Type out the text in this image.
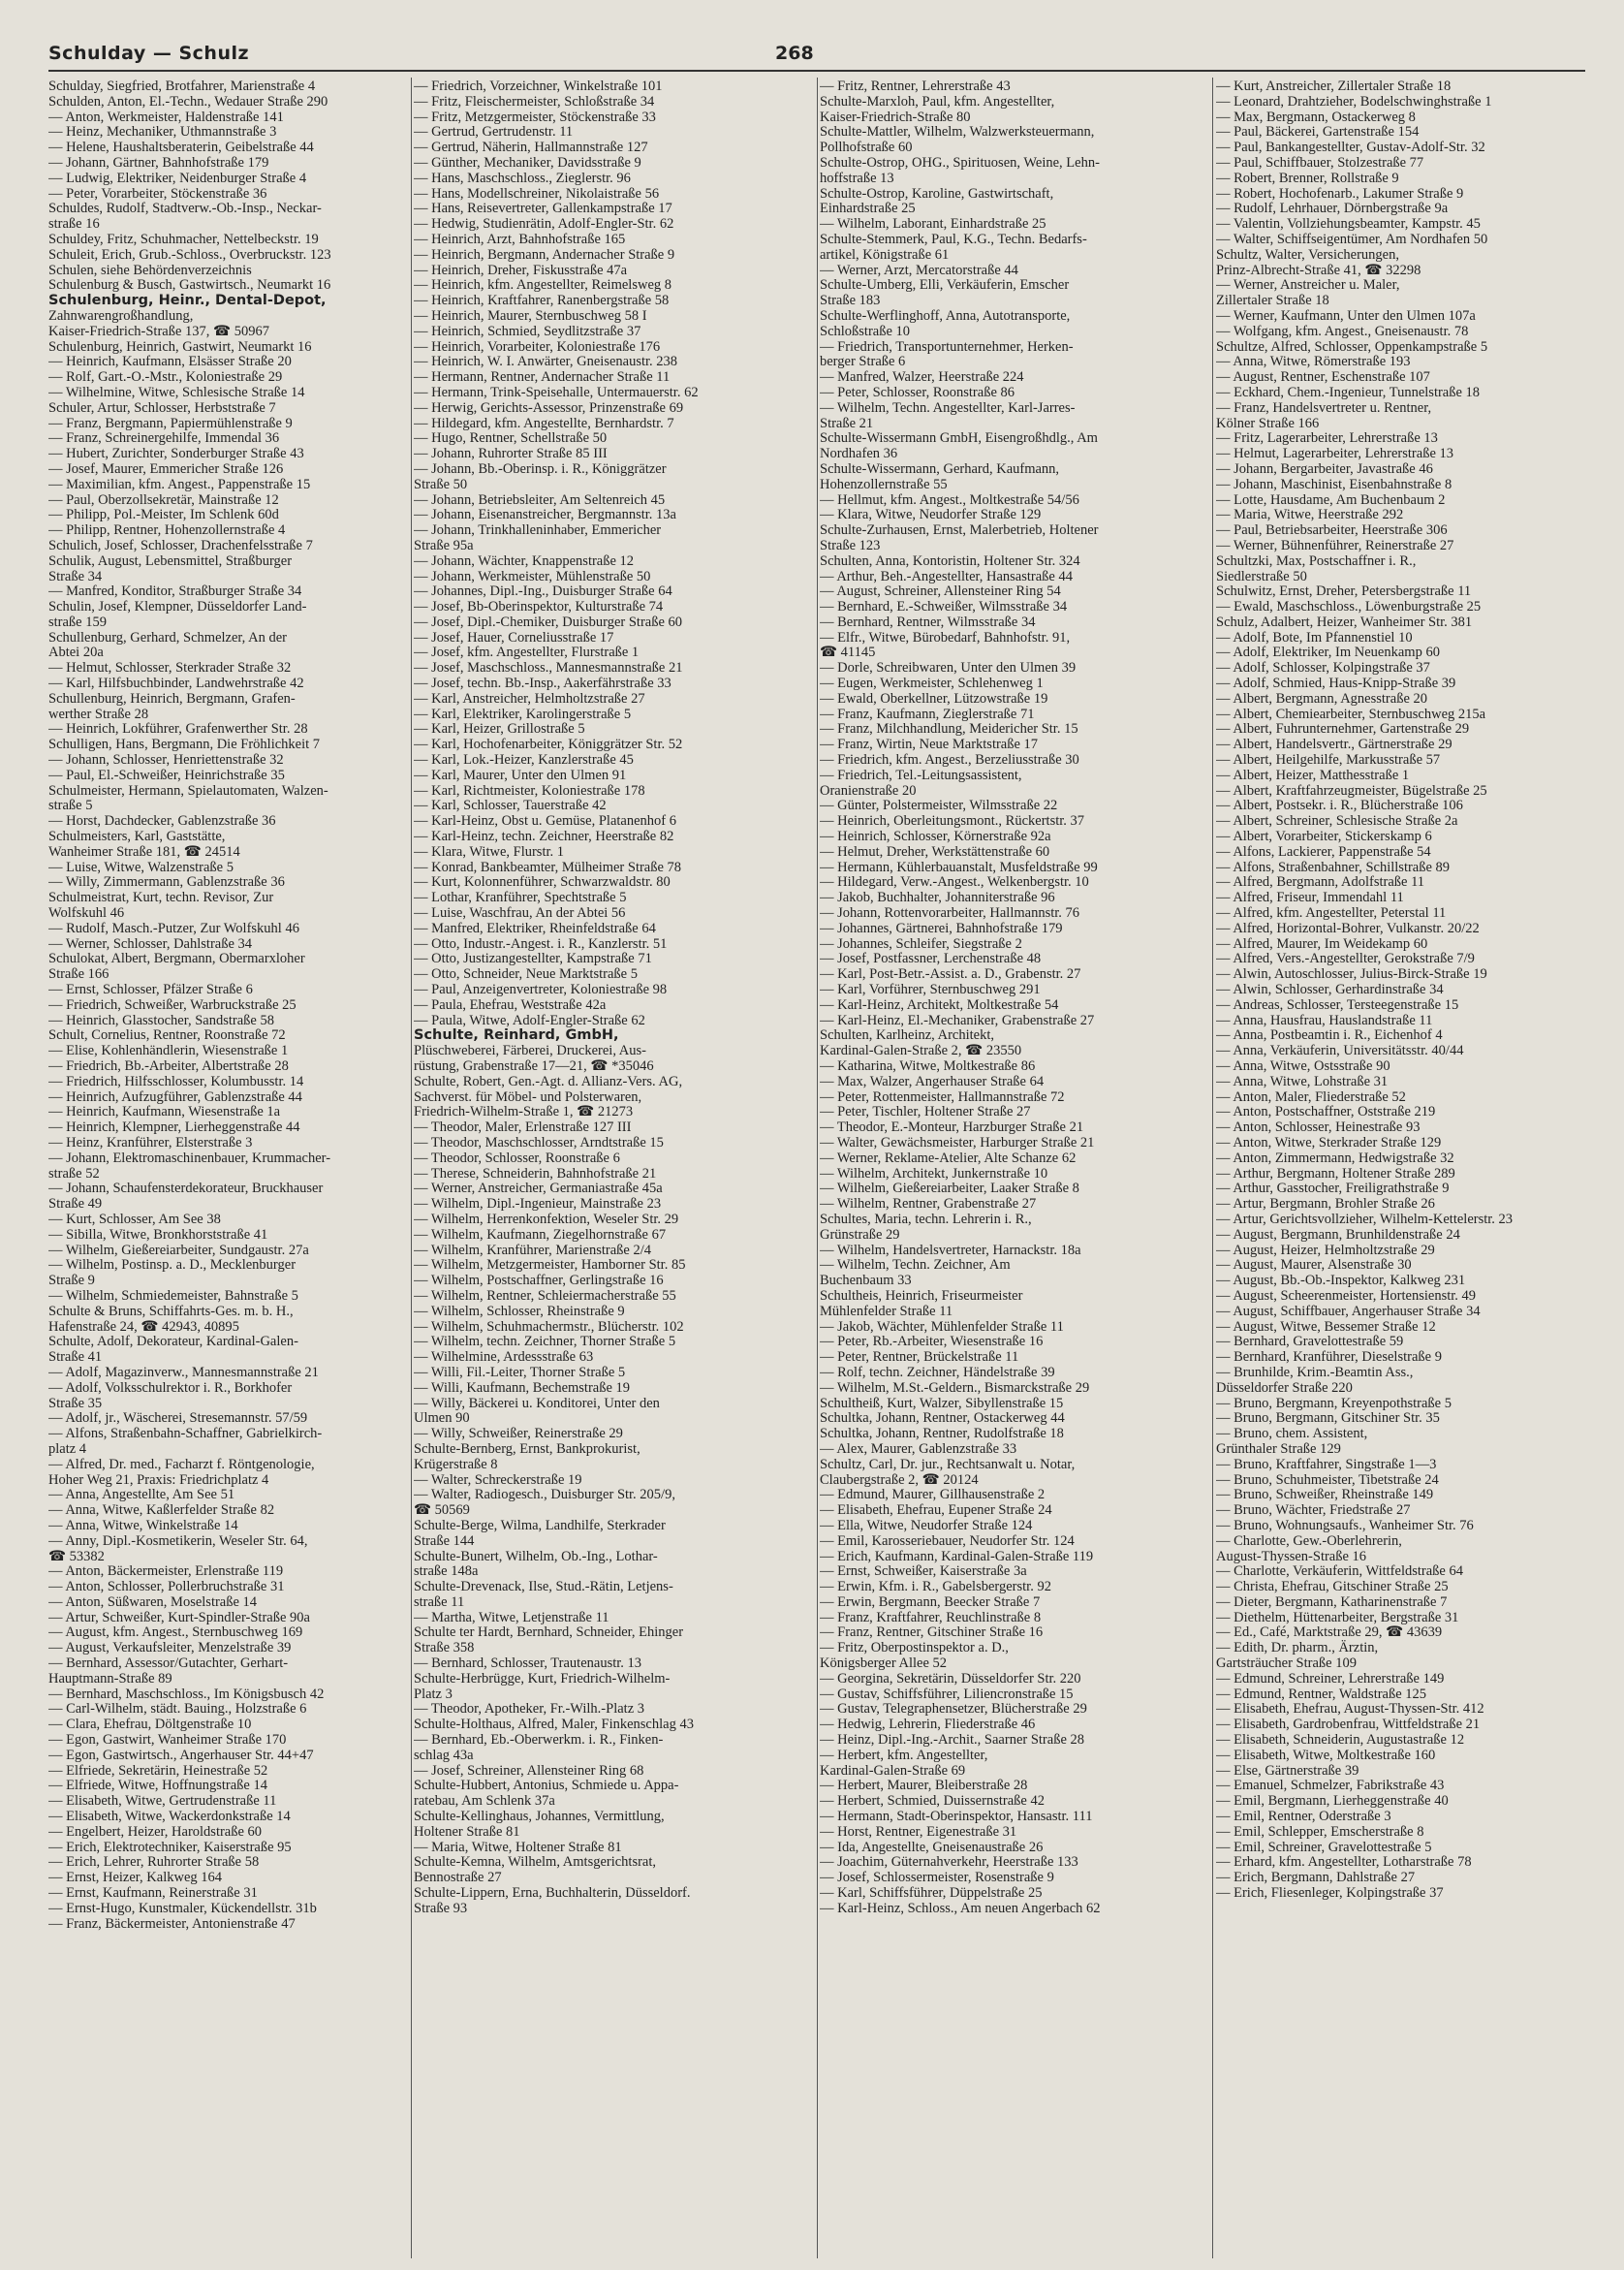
Schulday — Schulz	268
Schulday, Siegfried, Brotfahrer, Marienstraße 4
Schulden, Anton, El.-Techn., Wedauer Straße 290
— Anton, Werkmeister, Haldenstraße 141
— Heinz, Mechaniker, Uthmannstraße 3
— Helene, Haushaltsberaterin, Geibelstraße 44
— Johann, Gärtner, Bahnhofstraße 179
— Ludwig, Elektriker, Neidenburger Straße 4
— Peter, Vorarbeiter, Stöckenstraße 36
Schuldes, Rudolf, Stadtverw.-Ob.-Insp., Neckar-
straße 16
Schuldey, Fritz, Schuhmacher, Nettelbeckstr. 19
Schuleit, Erich, Grub.-Schloss., Overbruckstr. 123
Schulen, siehe Behördenverzeichnis
Schulenburg & Busch, Gastwirtsch., Neumarkt 16
Schulenburg, Heinr., Dental-Depot,
Zahnwarengroßhandlung,
Kaiser-Friedrich-Straße 137, ☎ 50967
Schulenburg, Heinrich, Gastwirt, Neumarkt 16
— Heinrich, Kaufmann, Elsässer Straße 20
— Rolf, Gart.-O.-Mstr., Koloniestraße 29
— Wilhelmine, Witwe, Schlesische Straße 14
Schuler, Artur, Schlosser, Herbststraße 7
— Franz, Bergmann, Papiermühlenstraße 9
— Franz, Schreinergehilfe, Immendal 36
— Hubert, Zurichter, Sonderburger Straße 43
— Josef, Maurer, Emmericher Straße 126
— Maximilian, kfm. Angest., Pappenstraße 15
— Paul, Oberzollsekretär, Mainstraße 12
— Philipp, Pol.-Meister, Im Schlenk 60d
— Philipp, Rentner, Hohenzollernstraße 4
Schulich, Josef, Schlosser, Drachenfelsstraße 7
Schulik, August, Lebensmittel, Straßburger
Straße 34
— Manfred, Konditor, Straßburger Straße 34
Schulin, Josef, Klempner, Düsseldorfer Land-
straße 159
Schullenburg, Gerhard, Schmelzer, An der
Abtei 20a
— Helmut, Schlosser, Sterkrader Straße 32
— Karl, Hilfsbuchbinder, Landwehrstraße 42
Schullenburg, Heinrich, Bergmann, Grafen-
werther Straße 28
— Heinrich, Lokführer, Grafenwerther Str. 28
Schulligen, Hans, Bergmann, Die Fröhlichkeit 7
— Johann, Schlosser, Henriettenstraße 32
— Paul, El.-Schweißer, Heinrichstraße 35
Schulmeister, Hermann, Spielautomaten, Walzen-
straße 5
— Horst, Dachdecker, Gablenzstraße 36
Schulmeisters, Karl, Gaststätte,
Wanheimer Straße 181, ☎ 24514
— Luise, Witwe, Walzenstraße 5
— Willy, Zimmermann, Gablenzstraße 36
Schulmeistrat, Kurt, techn. Revisor, Zur
Wolfskuhl 46
— Rudolf, Masch.-Putzer, Zur Wolfskuhl 46
— Werner, Schlosser, Dahlstraße 34
Schulokat, Albert, Bergmann, Obermarxloher
Straße 166
— Ernst, Schlosser, Pfälzer Straße 6
— Friedrich, Schweißer, Warbruckstraße 25
— Heinrich, Glasstocher, Sandstraße 58
Schult, Cornelius, Rentner, Roonstraße 72
— Elise, Kohlenhändlerin, Wiesenstraße 1
— Friedrich, Bb.-Arbeiter, Albertstraße 28
— Friedrich, Hilfsschlosser, Kolumbusstr. 14
— Heinrich, Aufzugführer, Gablenzstraße 44
— Heinrich, Kaufmann, Wiesenstraße 1a
— Heinrich, Klempner, Lierheggenstraße 44
— Heinz, Kranführer, Elsterstraße 3
— Johann, Elektromaschinenbauer, Krummacher-
straße 52
— Johann, Schaufensterdekorateur, Bruckhauser
Straße 49
— Kurt, Schlosser, Am See 38
— Sibilla, Witwe, Bronkhorststraße 41
— Wilhelm, Gießereiarbeiter, Sundgaustr. 27a
— Wilhelm, Postinsp. a. D., Mecklenburger
Straße 9
— Wilhelm, Schmiedemeister, Bahnstraße 5
Schulte & Bruns, Schiffahrts-Ges. m. b. H.,
Hafenstraße 24, ☎ 42943, 40895
Schulte, Adolf, Dekorateur, Kardinal-Galen-
Straße 41
— Adolf, Magazinverw., Mannesmannstraße 21
— Adolf, Volksschulrektor i. R., Borkhofer
Straße 35
— Adolf, jr., Wäscherei, Stresemannstr. 57/59
— Alfons, Straßenbahn-Schaffner, Gabrielkirch-
platz 4
— Alfred, Dr. med., Facharzt f. Röntgenologie,
Hoher Weg 21, Praxis: Friedrichplatz 4
— Anna, Angestellte, Am See 51
— Anna, Witwe, Kaßlerfelder Straße 82
— Anna, Witwe, Winkelstraße 14
— Anny, Dipl.-Kosmetikerin, Weseler Str. 64,
☎ 53382
— Anton, Bäckermeister, Erlenstraße 119
— Anton, Schlosser, Pollerbruchstraße 31
— Anton, Süßwaren, Moselstraße 14
— Artur, Schweißer, Kurt-Spindler-Straße 90a
— August, kfm. Angest., Sternbuschweg 169
— August, Verkaufsleiter, Menzelstraße 39
— Bernhard, Assessor/Gutachter, Gerhart-
Hauptmann-Straße 89
— Bernhard, Maschschloss., Im Königsbusch 42
— Carl-Wilhelm, städt. Bauing., Holzstraße 6
— Clara, Ehefrau, Döltgenstraße 10
— Egon, Gastwirt, Wanheimer Straße 170
— Egon, Gastwirtsch., Angerhauser Str. 44+47
— Elfriede, Sekretärin, Heinestraße 52
— Elfriede, Witwe, Hoffnungstraße 14
— Elisabeth, Witwe, Gertrudenstraße 11
— Elisabeth, Witwe, Wackerdonkstraße 14
— Engelbert, Heizer, Haroldstraße 60
— Erich, Elektrotechniker, Kaiserstraße 95
— Erich, Lehrer, Ruhrorter Straße 58
— Ernst, Heizer, Kalkweg 164
— Ernst, Kaufmann, Reinerstraße 31
— Ernst-Hugo, Kunstmaler, Kückendellstr. 31b
— Franz, Bäckermeister, Antonienstraße 47
— Friedrich, Vorzeichner, Winkelstraße 101
— Fritz, Fleischermeister, Schloßstraße 34
— Fritz, Metzgermeister, Stöckenstraße 33
— Gertrud, Gertrudenstr. 11
— Gertrud, Näherin, Hallmannstraße 127
— Günther, Mechaniker, Davidsstraße 9
— Hans, Maschschloss., Zieglerstr. 96
— Hans, Modellschreiner, Nikolaistraße 56
— Hans, Reisevertreter, Gallenkampstraße 17
— Hedwig, Studienrätin, Adolf-Engler-Str. 62
— Heinrich, Arzt, Bahnhofstraße 165
— Heinrich, Bergmann, Andernacher Straße 9
— Heinrich, Dreher, Fiskusstraße 47a
— Heinrich, kfm. Angestellter, Reimelsweg 8
— Heinrich, Kraftfahrer, Ranenbergstraße 58
— Heinrich, Maurer, Sternbuschweg 58 I
— Heinrich, Schmied, Seydlitzstraße 37
— Heinrich, Vorarbeiter, Koloniestraße 176
— Heinrich, W. I. Anwärter, Gneisenaustr. 238
— Hermann, Rentner, Andernacher Straße 11
— Hermann, Trink-Speisehalle, Untermauerstr. 62
— Herwig, Gerichts-Assessor, Prinzenstraße 69
— Hildegard, kfm. Angestellte, Bernhardstr. 7
— Hugo, Rentner, Schellstraße 50
— Johann, Ruhrorter Straße 85 III
— Johann, Bb.-Oberinsp. i. R., Königgrätzer
Straße 50
— Johann, Betriebsleiter, Am Seltenreich 45
— Johann, Eisenanstreicher, Bergmannstr. 13a
— Johann, Trinkhalleninhaber, Emmericher
Straße 95a
— Johann, Wächter, Knappenstraße 12
— Johann, Werkmeister, Mühlenstraße 50
— Johannes, Dipl.-Ing., Duisburger Straße 64
— Josef, Bb-Oberinspektor, Kulturstraße 74
— Josef, Dipl.-Chemiker, Duisburger Straße 60
— Josef, Hauer, Corneliusstraße 17
— Josef, kfm. Angestellter, Flurstraße 1
— Josef, Maschschloss., Mannesmannstraße 21
— Josef, techn. Bb.-Insp., Aakerfährstraße 33
— Karl, Anstreicher, Helmholtzstraße 27
— Karl, Elektriker, Karolingerstraße 5
— Karl, Heizer, Grillostraße 5
— Karl, Hochofenarbeiter, Königgrätzer Str. 52
— Karl, Lok.-Heizer, Kanzlerstraße 45
— Karl, Maurer, Unter den Ulmen 91
— Karl, Richtmeister, Koloniestraße 178
— Karl, Schlosser, Tauerstraße 42
— Karl-Heinz, Obst u. Gemüse, Platanenhof 6
— Karl-Heinz, techn. Zeichner, Heerstraße 82
— Klara, Witwe, Flurstr. 1
— Konrad, Bankbeamter, Mülheimer Straße 78
— Kurt, Kolonnenführer, Schwarzwaldstr. 80
— Lothar, Kranführer, Spechtstraße 5
— Luise, Waschfrau, An der Abtei 56
— Manfred, Elektriker, Rheinfeldstraße 64
— Otto, Industr.-Angest. i. R., Kanzlerstr. 51
— Otto, Justizangestellter, Kampstraße 71
— Otto, Schneider, Neue Marktstraße 5
— Paul, Anzeigenvertreter, Koloniestraße 98
— Paula, Ehefrau, Weststraße 42a
— Paula, Witwe, Adolf-Engler-Straße 62
Schulte, Reinhard, GmbH,
Plüschweberei, Färberei, Druckerei, Aus-
rüstung, Grabenstraße 17—21, ☎ *35046
Schulte, Robert, Gen.-Agt. d. Allianz-Vers. AG,
Sachverst. für Möbel- und Polsterwaren,
Friedrich-Wilhelm-Straße 1, ☎ 21273
— Theodor, Maler, Erlenstraße 127 III
— Theodor, Maschschlosser, Arndtstraße 15
— Theodor, Schlosser, Roonstraße 6
— Therese, Schneiderin, Bahnhofstraße 21
— Werner, Anstreicher, Germaniastraße 45a
— Wilhelm, Dipl.-Ingenieur, Mainstraße 23
— Wilhelm, Herrenkonfektion, Weseler Str. 29
— Wilhelm, Kaufmann, Ziegelhornstraße 67
— Wilhelm, Kranführer, Marienstraße 2/4
— Wilhelm, Metzgermeister, Hamborner Str. 85
— Wilhelm, Postschaffner, Gerlingstraße 16
— Wilhelm, Rentner, Schleiermacherstraße 55
— Wilhelm, Schlosser, Rheinstraße 9
— Wilhelm, Schuhmachermstr., Blücherstr. 102
— Wilhelm, techn. Zeichner, Thorner Straße 5
— Wilhelmine, Ardessstraße 63
— Willi, Fil.-Leiter, Thorner Straße 5
— Willi, Kaufmann, Bechemstraße 19
— Willy, Bäckerei u. Konditorei, Unter den
Ulmen 90
— Willy, Schweißer, Reinerstraße 29
Schulte-Bernberg, Ernst, Bankprokurist,
Krügerstraße 8
— Walter, Schreckerstraße 19
— Walter, Radiogesch., Duisburger Str. 205/9,
☎ 50569
Schulte-Berge, Wilma, Landhilfe, Sterkrader
Straße 144
Schulte-Bunert, Wilhelm, Ob.-Ing., Lothar-
straße 148a
Schulte-Drevenack, Ilse, Stud.-Rätin, Letjens-
straße 11
— Martha, Witwe, Letjenstraße 11
Schulte ter Hardt, Bernhard, Schneider, Ehinger
Straße 358
— Bernhard, Schlosser, Trautenaustr. 13
Schulte-Herbrügge, Kurt, Friedrich-Wilhelm-
Platz 3
— Theodor, Apotheker, Fr.-Wilh.-Platz 3
Schulte-Holthaus, Alfred, Maler, Finkenschlag 43
— Bernhard, Eb.-Oberwerkm. i. R., Finken-
schlag 43a
— Josef, Schreiner, Allensteiner Ring 68
Schulte-Hubbert, Antonius, Schmiede u. Appa-
ratebau, Am Schlenk 37a
Schulte-Kellinghaus, Johannes, Vermittlung,
Holtener Straße 81
— Maria, Witwe, Holtener Straße 81
Schulte-Kemna, Wilhelm, Amtsgerichtsrat,
Bennostraße 27
Schulte-Lippern, Erna, Buchhalterin, Düsseldorf.
Straße 93
— Fritz, Rentner, Lehrerstraße 43
Schulte-Marxloh, Paul, kfm. Angestellter,
Kaiser-Friedrich-Straße 80
Schulte-Mattler, Wilhelm, Walzwerksteuermann,
Pollhofstraße 60
Schulte-Ostrop, OHG., Spirituosen, Weine, Lehn-
hoffstraße 13
Schulte-Ostrop, Karoline, Gastwirtschaft,
Einhardstraße 25
— Wilhelm, Laborant, Einhardstraße 25
Schulte-Stemmerk, Paul, K.G., Techn. Bedarfs-
artikel, Königstraße 61
— Werner, Arzt, Mercatorstraße 44
Schulte-Umberg, Elli, Verkäuferin, Emscher
Straße 183
Schulte-Werflinghoff, Anna, Autotransporte,
Schloßstraße 10
— Friedrich, Transportunternehmer, Herken-
berger Straße 6
— Manfred, Walzer, Heerstraße 224
— Peter, Schlosser, Roonstraße 86
— Wilhelm, Techn. Angestellter, Karl-Jarres-
Straße 21
Schulte-Wissermann GmbH, Eisengroßhdlg., Am
Nordhafen 36
Schulte-Wissermann, Gerhard, Kaufmann,
Hohenzollernstraße 55
— Hellmut, kfm. Angest., Moltkestraße 54/56
— Klara, Witwe, Neudorfer Straße 129
Schulte-Zurhausen, Ernst, Malerbetrieb, Holtener
Straße 123
Schulten, Anna, Kontoristin, Holtener Str. 324
— Arthur, Beh.-Angestellter, Hansastraße 44
— August, Schreiner, Allensteiner Ring 54
— Bernhard, E.-Schweißer, Wilmsstraße 34
— Bernhard, Rentner, Wilmsstraße 34
— Elfr., Witwe, Bürobedarf, Bahnhofstr. 91,
☎ 41145
— Dorle, Schreibwaren, Unter den Ulmen 39
— Eugen, Werkmeister, Schlehenweg 1
— Ewald, Oberkellner, Lützowstraße 19
— Franz, Kaufmann, Zieglerstraße 71
— Franz, Milchhandlung, Meidericher Str. 15
— Franz, Wirtin, Neue Marktstraße 17
— Friedrich, kfm. Angest., Berzeliusstraße 30
— Friedrich, Tel.-Leitungsassistent,
Oranienstraße 20
— Günter, Polstermeister, Wilmsstraße 22
— Heinrich, Oberleitungsmont., Rückertstr. 37
— Heinrich, Schlosser, Körnerstraße 92a
— Helmut, Dreher, Werkstättenstraße 60
— Hermann, Kühlerbauanstalt, Musfeldstraße 99
— Hildegard, Verw.-Angest., Welkenbergstr. 10
— Jakob, Buchhalter, Johanniterstraße 96
— Johann, Rottenvorarbeiter, Hallmannstr. 76
— Johannes, Gärtnerei, Bahnhofstraße 179
— Johannes, Schleifer, Siegstraße 2
— Josef, Postfassner, Lerchenstraße 48
— Karl, Post-Betr.-Assist. a. D., Grabenstr. 27
— Karl, Vorführer, Sternbuschweg 291
— Karl-Heinz, Architekt, Moltkestraße 54
— Karl-Heinz, El.-Mechaniker, Grabenstraße 27
Schulten, Karlheinz, Architekt,
Kardinal-Galen-Straße 2, ☎ 23550
— Katharina, Witwe, Moltkestraße 86
— Max, Walzer, Angerhauser Straße 64
— Peter, Rottenmeister, Hallmannstraße 72
— Peter, Tischler, Holtener Straße 27
— Theodor, E.-Monteur, Harzburger Straße 21
— Walter, Gewächsmeister, Harburger Straße 21
— Werner, Reklame-Atelier, Alte Schanze 62
— Wilhelm, Architekt, Junkernstraße 10
— Wilhelm, Gießereiarbeiter, Laaker Straße 8
— Wilhelm, Rentner, Grabenstraße 27
Schultes, Maria, techn. Lehrerin i. R.,
Grünstraße 29
— Wilhelm, Handelsvertreter, Harnackstr. 18a
— Wilhelm, Techn. Zeichner, Am
Buchenbaum 33
Schultheis, Heinrich, Friseurmeister
Mühlenfelder Straße 11
— Jakob, Wächter, Mühlenfelder Straße 11
— Peter, Rb.-Arbeiter, Wiesenstraße 16
— Peter, Rentner, Brückelstraße 11
— Rolf, techn. Zeichner, Händelstraße 39
— Wilhelm, M.St.-Geldern., Bismarckstraße 29
Schultheiß, Kurt, Walzer, Sibyllenstraße 15
Schultka, Johann, Rentner, Ostackerweg 44
Schultka, Johann, Rentner, Rudolfstraße 18
— Alex, Maurer, Gablenzstraße 33
Schultz, Carl, Dr. jur., Rechtsanwalt u. Notar,
Claubergstraße 2, ☎ 20124
— Edmund, Maurer, Gillhausenstraße 2
— Elisabeth, Ehefrau, Eupener Straße 24
— Ella, Witwe, Neudorfer Straße 124
— Emil, Karosseriebauer, Neudorfer Str. 124
— Erich, Kaufmann, Kardinal-Galen-Straße 119
— Ernst, Schweißer, Kaiserstraße 3a
— Erwin, Kfm. i. R., Gabelsbergerstr. 92
— Erwin, Bergmann, Beecker Straße 7
— Franz, Kraftfahrer, Reuchlinstraße 8
— Franz, Rentner, Gitschiner Straße 16
— Fritz, Oberpostinspektor a. D.,
Königsberger Allee 52
— Georgina, Sekretärin, Düsseldorfer Str. 220
— Gustav, Schiffsführer, Liliencronstraße 15
— Gustav, Telegraphensetzer, Blücherstraße 29
— Hedwig, Lehrerin, Fliederstraße 46
— Heinz, Dipl.-Ing.-Archit., Saarner Straße 28
— Herbert, kfm. Angestellter,
Kardinal-Galen-Straße 69
— Herbert, Maurer, Bleiberstraße 28
— Herbert, Schmied, Duissernstraße 42
— Hermann, Stadt-Oberinspektor, Hansastr. 111
— Horst, Rentner, Eigenestraße 31
— Ida, Angestellte, Gneisenaustraße 26
— Joachim, Güternahverkehr, Heerstraße 133
— Josef, Schlossermeister, Rosenstraße 9
— Karl, Schiffsführer, Düppelstraße 25
— Karl-Heinz, Schloss., Am neuen Angerbach 62
— Kurt, Anstreicher, Zillertaler Straße 18
— Leonard, Drahtzieher, Bodelschwinghstraße 1
— Max, Bergmann, Ostackerweg 8
— Paul, Bäckerei, Gartenstraße 154
— Paul, Bankangestellter, Gustav-Adolf-Str. 32
— Paul, Schiffbauer, Stolzestraße 77
— Robert, Brenner, Rollstraße 9
— Robert, Hochofenarb., Lakumer Straße 9
— Rudolf, Lehrhauer, Dörnbergstraße 9a
— Valentin, Vollziehungsbeamter, Kampstr. 45
— Walter, Schiffseigentümer, Am Nordhafen 50
Schultz, Walter, Versicherungen,
Prinz-Albrecht-Straße 41, ☎ 32298
— Werner, Anstreicher u. Maler,
Zillertaler Straße 18
— Werner, Kaufmann, Unter den Ulmen 107a
— Wolfgang, kfm. Angest., Gneisenaustr. 78
Schultze, Alfred, Schlosser, Oppenkampstraße 5
— Anna, Witwe, Römerstraße 193
— August, Rentner, Eschenstraße 107
— Eckhard, Chem.-Ingenieur, Tunnelstraße 18
— Franz, Handelsvertreter u. Rentner,
Kölner Straße 166
— Fritz, Lagerarbeiter, Lehrerstraße 13
— Helmut, Lagerarbeiter, Lehrerstraße 13
— Johann, Bergarbeiter, Javastraße 46
— Johann, Maschinist, Eisenbahnstraße 8
— Lotte, Hausdame, Am Buchenbaum 2
— Maria, Witwe, Heerstraße 292
— Paul, Betriebsarbeiter, Heerstraße 306
— Werner, Bühnenführer, Reinerstraße 27
Schultzki, Max, Postschaffner i. R.,
Siedlerstraße 50
Schulwitz, Ernst, Dreher, Petersbergstraße 11
— Ewald, Maschschloss., Löwenburgstraße 25
Schulz, Adalbert, Heizer, Wanheimer Str. 381
— Adolf, Bote, Im Pfannenstiel 10
— Adolf, Elektriker, Im Neuenkamp 60
— Adolf, Schlosser, Kolpingstraße 37
— Adolf, Schmied, Haus-Knipp-Straße 39
— Albert, Bergmann, Agnesstraße 20
— Albert, Chemiearbeiter, Sternbuschweg 215a
— Albert, Fuhrunternehmer, Gartenstraße 29
— Albert, Handelsvertr., Gärtnerstraße 29
— Albert, Heilgehilfe, Markusstraße 57
— Albert, Heizer, Matthesstraße 1
— Albert, Kraftfahrzeugmeister, Bügelstraße 25
— Albert, Postsekr. i. R., Blücherstraße 106
— Albert, Schreiner, Schlesische Straße 2a
— Albert, Vorarbeiter, Stickerskamp 6
— Alfons, Lackierer, Pappenstraße 54
— Alfons, Straßenbahner, Schillstraße 89
— Alfred, Bergmann, Adolfstraße 11
— Alfred, Friseur, Immendahl 11
— Alfred, kfm. Angestellter, Peterstal 11
— Alfred, Horizontal-Bohrer, Vulkanstr. 20/22
— Alfred, Maurer, Im Weidekamp 60
— Alfred, Vers.-Angestellter, Gerokstraße 7/9
— Alwin, Autoschlosser, Julius-Birck-Straße 19
— Alwin, Schlosser, Gerhardinstraße 34
— Andreas, Schlosser, Tersteegenstraße 15
— Anna, Hausfrau, Hauslandstraße 11
— Anna, Postbeamtin i. R., Eichenhof 4
— Anna, Verkäuferin, Universitätsstr. 40/44
— Anna, Witwe, Ostsstraße 90
— Anna, Witwe, Lohstraße 31
— Anton, Maler, Fliederstraße 52
— Anton, Postschaffner, Oststraße 219
— Anton, Schlosser, Heinestraße 93
— Anton, Witwe, Sterkrader Straße 129
— Anton, Zimmermann, Hedwigstraße 32
— Arthur, Bergmann, Holtener Straße 289
— Arthur, Gasstocher, Freiligrathstraße 9
— Artur, Bergmann, Brohler Straße 26
— Artur, Gerichtsvollzieher, Wilhelm-Kettelerstr. 23
— August, Bergmann, Brunhildenstraße 24
— August, Heizer, Helmholtzstraße 29
— August, Maurer, Alsenstraße 30
— August, Bb.-Ob.-Inspektor, Kalkweg 231
— August, Scheerenmeister, Hortensienstr. 49
— August, Schiffbauer, Angerhauser Straße 34
— August, Witwe, Bessemer Straße 12
— Bernhard, Gravelottestraße 59
— Bernhard, Kranführer, Dieselstraße 9
— Brunhilde, Krim.-Beamtin Ass.,
Düsseldorfer Straße 220
— Bruno, Bergmann, Kreyenpothstraße 5
— Bruno, Bergmann, Gitschiner Str. 35
— Bruno, chem. Assistent,
Grünthaler Straße 129
— Bruno, Kraftfahrer, Singstraße 1—3
— Bruno, Schuhmeister, Tibetstraße 24
— Bruno, Schweißer, Rheinstraße 149
— Bruno, Wächter, Friedstraße 27
— Bruno, Wohnungsaufs., Wanheimer Str. 76
— Charlotte, Gew.-Oberlehrerin,
August-Thyssen-Straße 16
— Charlotte, Verkäuferin, Wittfeldstraße 64
— Christa, Ehefrau, Gitschiner Straße 25
— Dieter, Bergmann, Katharinenstraße 7
— Diethelm, Hüttenarbeiter, Bergstraße 31
— Ed., Café, Marktstraße 29, ☎ 43639
— Edith, Dr. pharm., Ärztin,
Gartsträucher Straße 109
— Edmund, Schreiner, Lehrerstraße 149
— Edmund, Rentner, Waldstraße 125
— Elisabeth, Ehefrau, August-Thyssen-Str. 412
— Elisabeth, Gardrobenfrau, Wittfeldstraße 21
— Elisabeth, Schneiderin, Augustastraße 12
— Elisabeth, Witwe, Moltkestraße 160
— Else, Gärtnerstraße 39
— Emanuel, Schmelzer, Fabrikstraße 43
— Emil, Bergmann, Lierheggenstraße 40
— Emil, Rentner, Oderstraße 3
— Emil, Schlepper, Emscherstraße 8
— Emil, Schreiner, Gravelottestraße 5
— Erhard, kfm. Angestellter, Lotharstraße 78
— Erich, Bergmann, Dahlstraße 27
— Erich, Fliesenleger, Kolpingstraße 37
